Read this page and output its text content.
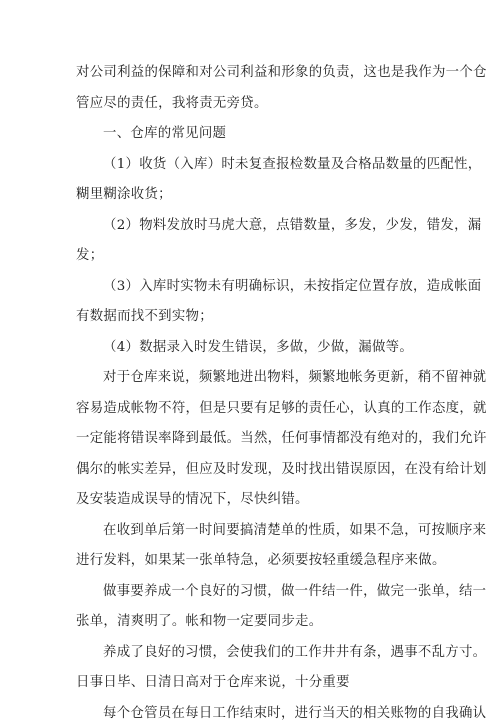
对公司利益的保障和对公司利益和形象的负责，这也是我作为一个仓
管应尽的责任，我将责无旁贷。
一、仓库的常见问题
（1）收货（入库）时未复查报检数量及合格品数量的匹配性，
糊里糊涂收货；
（2）物料发放时马虎大意，点错数量，多发，少发，错发，漏
发；
（3）入库时实物未有明确标识，未按指定位置存放，造成帐面
有数据而找不到实物；
（4）数据录入时发生错误，多做，少做，漏做等。
对于仓库来说，频繁地进出物料，频繁地帐务更新，稍不留神就
容易造成帐物不符，但是只要有足够的责任心，认真的工作态度，就
一定能将错误率降到最低。当然，任何事情都没有绝对的，我们允许
偶尔的帐实差异，但应及时发现，及时找出错误原因，在没有给计划
及安装造成误导的情况下，尽快纠错。
在收到单后第一时间要搞清楚单的性质，如果不急，可按顺序来
进行发料，如果某一张单特急，必须要按轻重缓急程序来做。
做事要养成一个良好的习惯，做一件结一件，做完一张单，结一
张单，清爽明了。帐和物一定要同步走。
养成了良好的习惯，会使我们的工作井井有条，遇事不乱方寸。
日事日毕、日清日高对于仓库来说，十分重要
每个仓管员在每日工作结束时，进行当天的相关账物的自我确认
